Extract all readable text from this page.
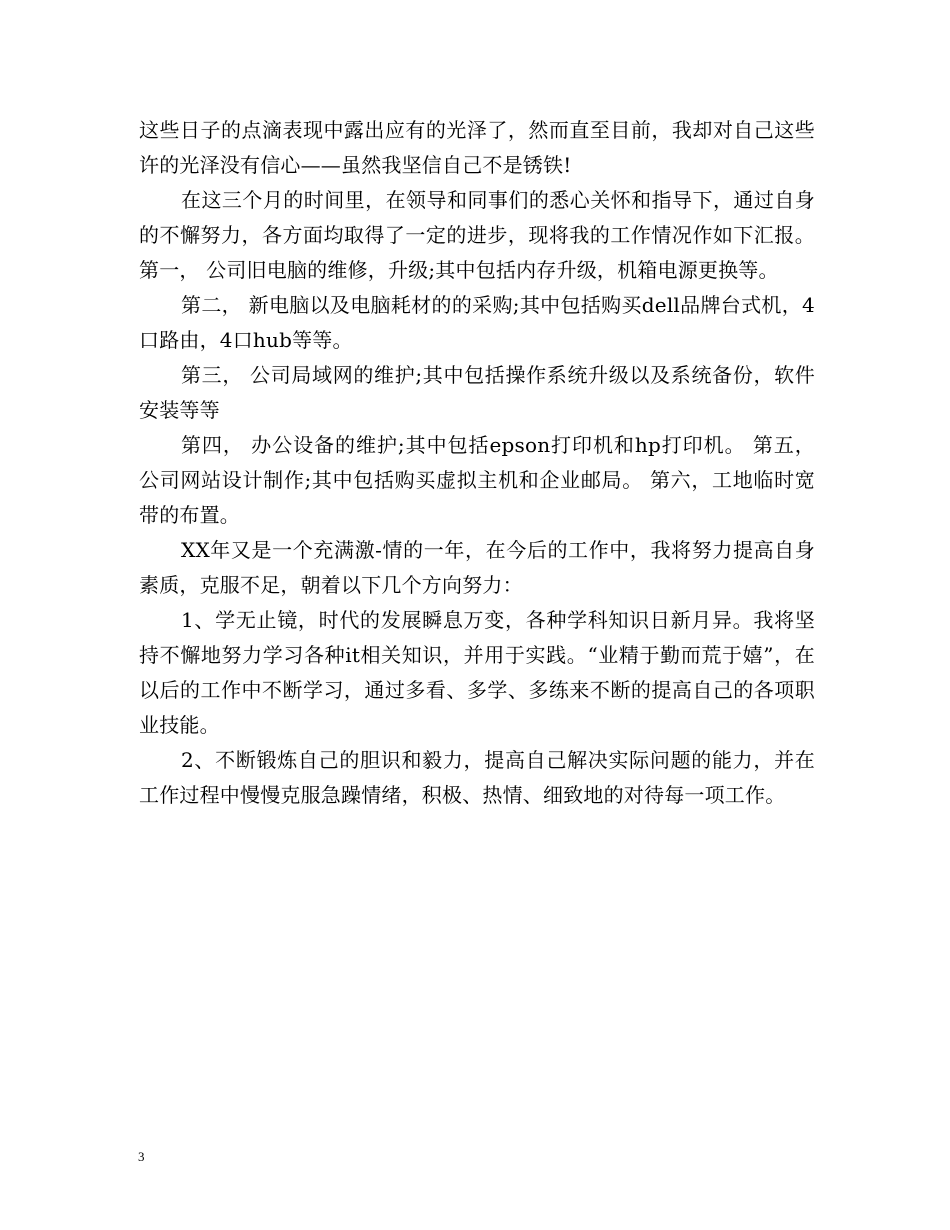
这些日子的点滴表现中露出应有的光泽了，然而直至目前，我却对自己这些许的光泽没有信心——虽然我坚信自己不是锈铁!

在这三个月的时间里，在领导和同事们的悉心关怀和指导下，通过自身的不懈努力，各方面均取得了一定的进步，现将我的工作情况作如下汇报。 第一， 公司旧电脑的维修，升级;其中包括内存升级，机箱电源更换等。

第二， 新电脑以及电脑耗材的的采购;其中包括购买dell品牌台式机，4口路由，4口hub等等。

第三， 公司局域网的维护;其中包括操作系统升级以及系统备份，软件安装等等

第四， 办公设备的维护;其中包括epson打印机和hp打印机。 第五， 公司网站设计制作;其中包括购买虚拟主机和企业邮局。 第六，工地临时宽带的布置。

XX年又是一个充满激-情的一年，在今后的工作中，我将努力提高自身素质，克服不足，朝着以下几个方向努力：

1、学无止镜，时代的发展瞬息万变，各种学科知识日新月异。我将坚持不懈地努力学习各种it相关知识，并用于实践。“业精于勤而荒于嬉”，在以后的工作中不断学习，通过多看、多学、多练来不断的提高自己的各项职业技能。

2、不断锻炼自己的胆识和毅力，提高自己解决实际问题的能力，并在工作过程中慢慢克服急躁情绪，积极、热情、细致地的对待每一项工作。

3
